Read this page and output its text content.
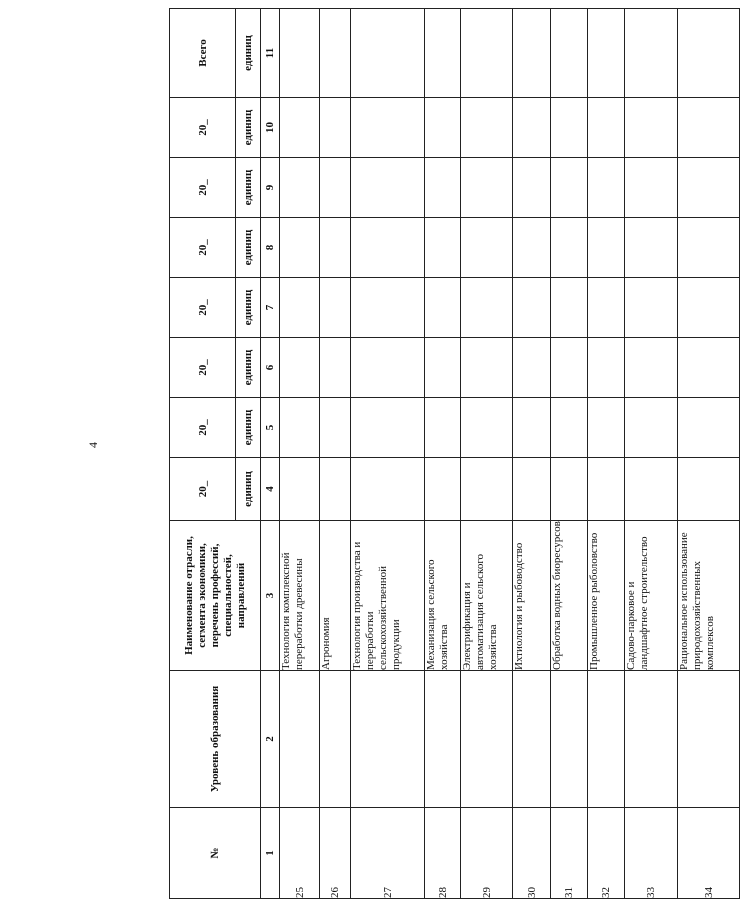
4
№	Уровень образования	Наименование отрасли, сегмента экономики, перечень профессий, специальностей, направлений	20_	20_	20_	20_	20_	20_	20_	Всего
			единиц	единиц	единиц	единиц	единиц	единиц	единиц	единиц
1	2	3	4	5	6	7	8	9	10	11
25		Технология комплексной переработки древесины								
26		Агрономия								
27		Технология производства и переработки сельскохозяйственной продукции								
28		Механизация сельского хозяйства								
29		Электрификация и автоматизация сельского хозяйства								
30		Ихтиология и рыбоводство								
31		Обработка водных биоресурсов								
32		Промышленное рыболовство								
33		Садово-парковое и ландшафтное строительство								
34		Рациональное использование природохозяйственных комплексов								
